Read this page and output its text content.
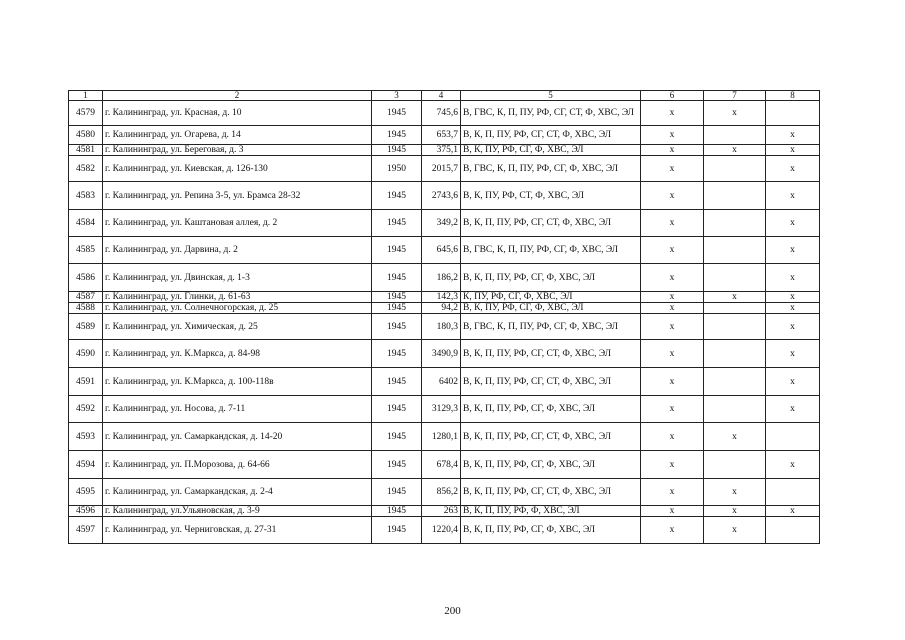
1	2	3	4	5	6	7	8
4579	г. Калининград, ул. Красная, д. 10	1945	745,6	В, ГВС, К, П, ПУ, РФ, СГ, СТ, Ф, ХВС, ЭЛ	х	х	
4580	г. Калининград, ул. Огарева, д. 14	1945	653,7	В, К, П, ПУ, РФ, СГ, СТ, Ф, ХВС, ЭЛ	х		х
4581	г. Калининград, ул. Береговая, д. 3	1945	375,1	В, К, ПУ, РФ, СГ, Ф, ХВС, ЭЛ	х	х	х
4582	г. Калининград, ул. Киевская, д. 126-130	1950	2015,7	В, ГВС, К, П, ПУ, РФ, СГ, Ф, ХВС, ЭЛ	х		х
4583	г. Калининград, ул. Репина 3-5, ул. Брамса 28-32	1945	2743,6	В, К, ПУ, РФ, СТ, Ф, ХВС, ЭЛ	х		х
4584	г. Калининград, ул. Каштановая аллея, д. 2	1945	349,2	В, К, П, ПУ, РФ, СГ, СТ, Ф, ХВС, ЭЛ	х		х
4585	г. Калининград, ул. Дарвина, д. 2	1945	645,6	В, ГВС, К, П, ПУ, РФ, СГ, Ф, ХВС, ЭЛ	х		х
4586	г. Калининград, ул. Двинская, д. 1-3	1945	186,2	В, К, П, ПУ, РФ, СГ, Ф, ХВС, ЭЛ	х		х
4587	г. Калининград, ул. Глинки, д. 61-63	1945	142,3	К, ПУ, РФ, СГ, Ф, ХВС, ЭЛ	х	х	х
4588	г. Калининград, ул. Солнечногорская, д. 25	1945	94,2	В, К, ПУ, РФ, СГ, Ф, ХВС, ЭЛ	х		х
4589	г. Калининград, ул. Химическая, д. 25	1945	180,3	В, ГВС, К, П, ПУ, РФ, СГ, Ф, ХВС, ЭЛ	х		х
4590	г. Калининград, ул. К.Маркса, д. 84-98	1945	3490,9	В, К, П, ПУ, РФ, СГ, СТ, Ф, ХВС, ЭЛ	х		х
4591	г. Калининград, ул. К.Маркса, д. 100-118в	1945	6402	В, К, П, ПУ, РФ, СГ, СТ, Ф, ХВС, ЭЛ	х		х
4592	г. Калининград, ул. Носова, д. 7-11	1945	3129,3	В, К, П, ПУ, РФ, СГ, Ф, ХВС, ЭЛ	х		х
4593	г. Калининград, ул. Самаркандская, д. 14-20	1945	1280,1	В, К, П, ПУ, РФ, СГ, СТ, Ф, ХВС, ЭЛ	х	х	
4594	г. Калининград, ул. П.Морозова, д. 64-66	1945	678,4	В, К, П, ПУ, РФ, СГ, Ф, ХВС, ЭЛ	х		х
4595	г. Калининград, ул. Самаркандская, д. 2-4	1945	856,2	В, К, П, ПУ, РФ, СГ, СТ, Ф, ХВС, ЭЛ	х	х	
4596	г. Калининград, ул.Ульяновская, д. 3-9	1945	263	В, К, П, ПУ, РФ, Ф, ХВС, ЭЛ	х	х	х
4597	г. Калининград, ул. Черниговская, д. 27-31	1945	1220,4	В, К, П, ПУ, РФ, СГ, Ф, ХВС, ЭЛ	х	х	
200
